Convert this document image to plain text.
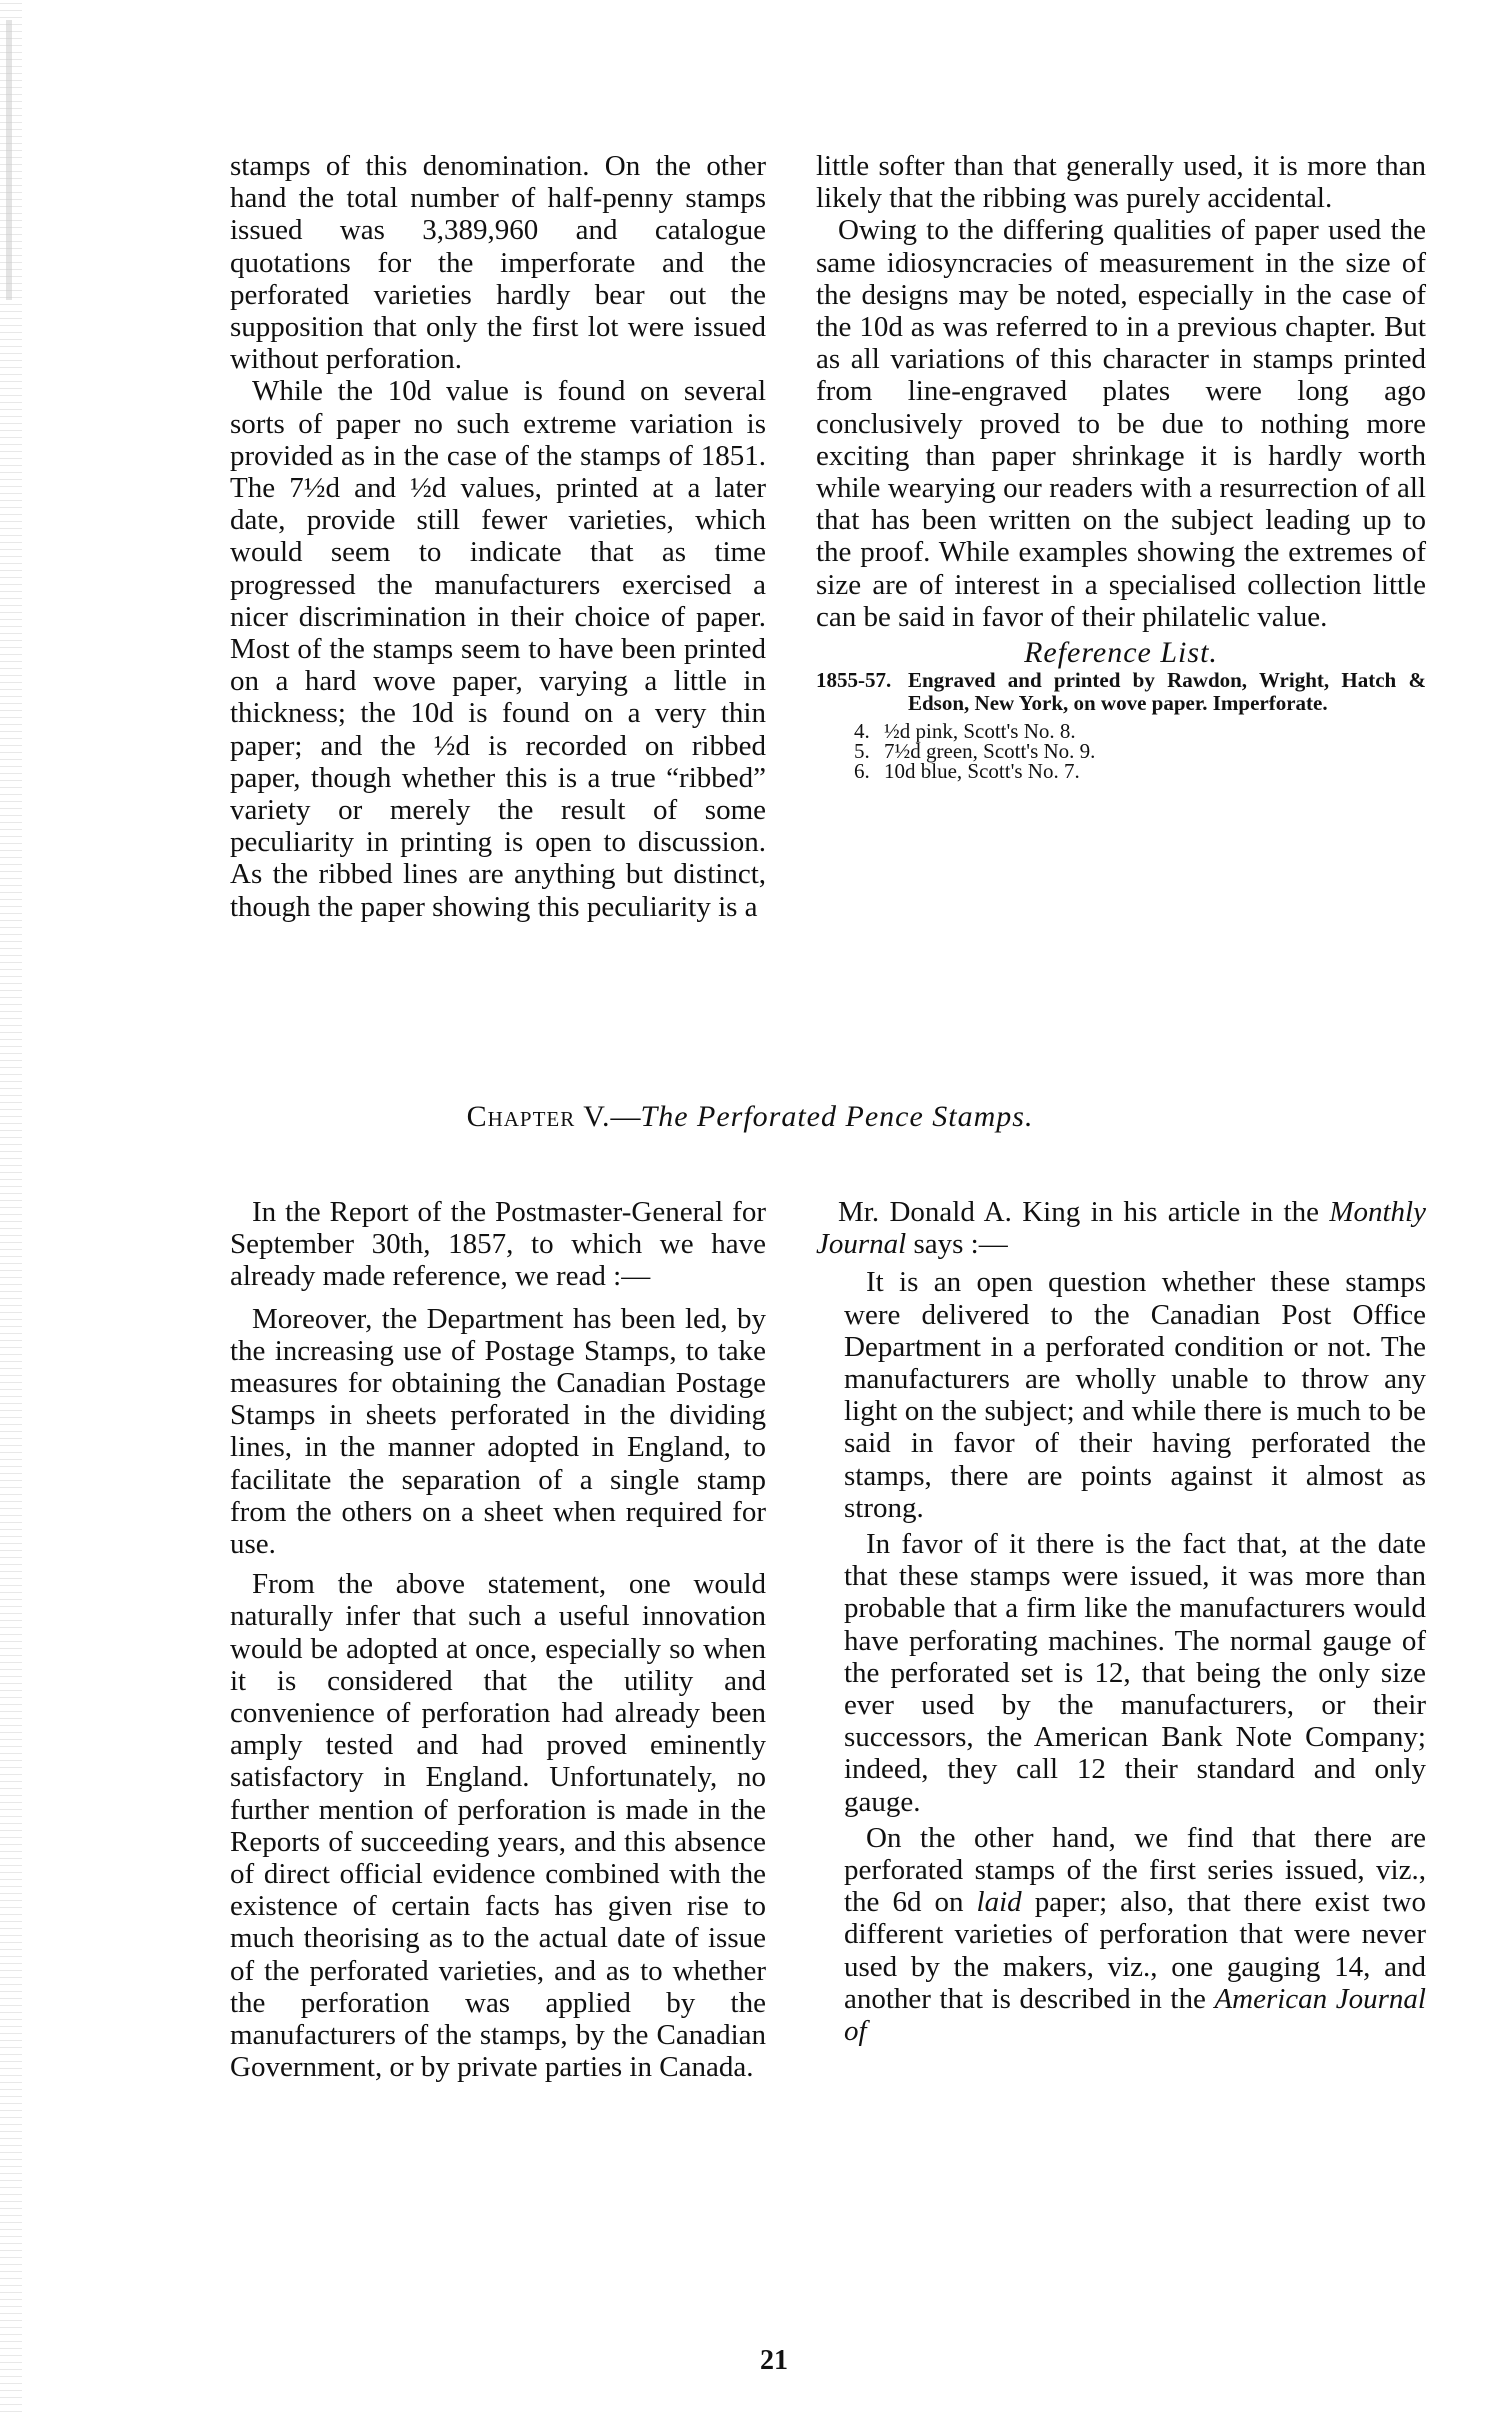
stamps of this denomination. On the other hand the total number of half-penny stamps issued was 3,389,960 and catalogue quotations for the imperforate and the perforated varieties hardly bear out the supposition that only the first lot were issued without perforation.

While the 10d value is found on several sorts of paper no such extreme variation is provided as in the case of the stamps of 1851. The 7½d and ½d values, printed at a later date, provide still fewer varieties, which would seem to indicate that as time progressed the manufacturers exercised a nicer discrimination in their choice of paper. Most of the stamps seem to have been printed on a hard wove paper, varying a little in thickness; the 10d is found on a very thin paper; and the ½d is recorded on ribbed paper, though whether this is a true “ribbed” variety or merely the result of some peculiarity in printing is open to discussion. As the ribbed lines are anything but distinct, though the paper showing this peculiarity is a

little softer than that generally used, it is more than likely that the ribbing was purely accidental.

Owing to the differing qualities of paper used the same idiosyncracies of measurement in the size of the designs may be noted, especially in the case of the 10d as was referred to in a previous chapter. But as all variations of this character in stamps printed from line-engraved plates were long ago conclusively proved to be due to nothing more exciting than paper shrinkage it is hardly worth while wearying our readers with a resurrection of all that has been written on the subject leading up to the proof. While examples showing the extremes of size are of interest in a specialised collection little can be said in favor of their philatelic value.

Reference List.
1855-57. Engraved and printed by Rawdon, Wright, Hatch & Edson, New York, on wove paper. Imperforate.
4. ½d pink, Scott's No. 8.
5. 7½d green, Scott's No. 9.
6. 10d blue, Scott's No. 7.
Chapter V.—The Perforated Pence Stamps.

In the Report of the Postmaster-General for September 30th, 1857, to which we have already made reference, we read :—

Moreover, the Department has been led, by the increasing use of Postage Stamps, to take measures for obtaining the Canadian Postage Stamps in sheets perforated in the dividing lines, in the manner adopted in England, to facilitate the separation of a single stamp from the others on a sheet when required for use.

From the above statement, one would naturally infer that such a useful innovation would be adopted at once, especially so when it is considered that the utility and convenience of perforation had already been amply tested and had proved eminently satisfactory in England. Unfortunately, no further mention of perforation is made in the Reports of succeeding years, and this absence of direct official evidence combined with the existence of certain facts has given rise to much theorising as to the actual date of issue of the perforated varieties, and as to whether the perforation was applied by the manufacturers of the stamps, by the Canadian Government, or by private parties in Canada.

Mr. Donald A. King in his article in the Monthly Journal says :—

It is an open question whether these stamps were delivered to the Canadian Post Office Department in a perforated condition or not. The manufacturers are wholly unable to throw any light on the subject; and while there is much to be said in favor of their having perforated the stamps, there are points against it almost as strong.

In favor of it there is the fact that, at the date that these stamps were issued, it was more than probable that a firm like the manufacturers would have perforating machines. The normal gauge of the perforated set is 12, that being the only size ever used by the manufacturers, or their successors, the American Bank Note Company; indeed, they call 12 their standard and only gauge.

On the other hand, we find that there are perforated stamps of the first series issued, viz., the 6d on laid paper; also, that there exist two different varieties of perforation that were never used by the makers, viz., one gauging 14, and another that is described in the American Journal of

21
